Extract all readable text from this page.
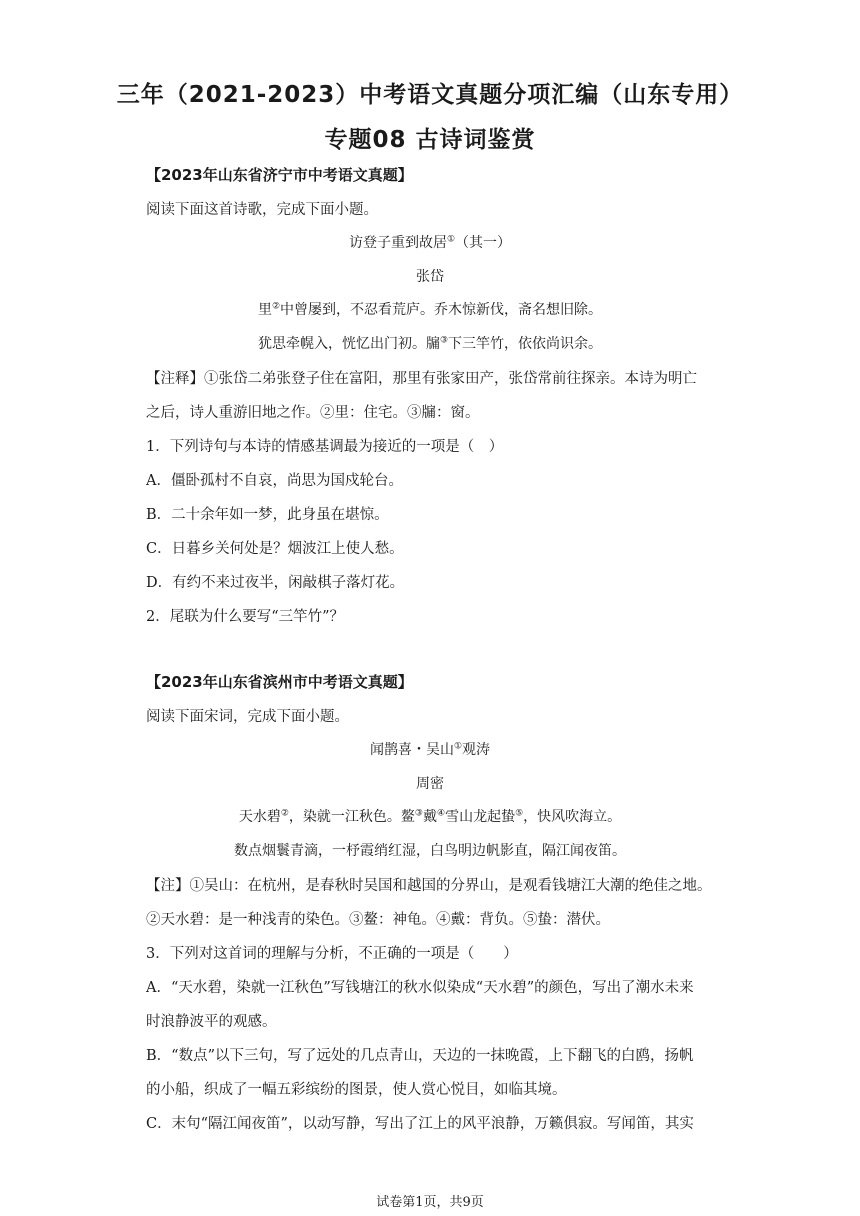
三年（2021-2023）中考语文真题分项汇编（山东专用）
专题08 古诗词鉴赏
【2023年山东省济宁市中考语文真题】
阅读下面这首诗歌，完成下面小题。
访登子重到故居①（其一）
张岱
里②中曾屡到，不忍看荒庐。乔木惊新伐，斋名想旧除。
犹思牵幌入，恍忆出门初。牖③下三竿竹，依依尚识余。
【注释】①张岱二弟张登子住在富阳，那里有张家田产，张岱常前往探亲。本诗为明亡
之后，诗人重游旧地之作。②里：住宅。③牖：窗。
1．下列诗句与本诗的情感基调最为接近的一项是（　）
A．僵卧孤村不自哀，尚思为国戍轮台。
B．二十余年如一梦，此身虽在堪惊。
C．日暮乡关何处是？烟波江上使人愁。
D．有约不来过夜半，闲敲棋子落灯花。
2．尾联为什么要写“三竿竹”？
【2023年山东省滨州市中考语文真题】
阅读下面宋词，完成下面小题。
闻鹊喜・吴山①观涛
周密
天水碧②，染就一江秋色。鳌③戴④雪山龙起蛰⑤，快风吹海立。
数点烟鬟青滴，一杼霞绡红湿，白鸟明边帆影直，隔江闻夜笛。
【注】①吴山：在杭州，是春秋时吴国和越国的分界山，是观看钱塘江大潮的绝佳之地。
②天水碧：是一种浅青的染色。③鳌：神龟。④戴：背负。⑤蛰：潜伏。
3．下列对这首词的理解与分析，不正确的一项是（　　）
A．“天水碧，染就一江秋色”写钱塘江的秋水似染成“天水碧”的颜色，写出了潮水未来
时浪静波平的观感。
B．“数点”以下三句，写了远处的几点青山，天边的一抹晚霞，上下翻飞的白鸥，扬帆
的小船，织成了一幅五彩缤纷的图景，使人赏心悦目，如临其境。
C．末句“隔江闻夜笛”，以动写静，写出了江上的风平浪静，万籁俱寂。写闻笛，其实
试卷第1页，共9页
